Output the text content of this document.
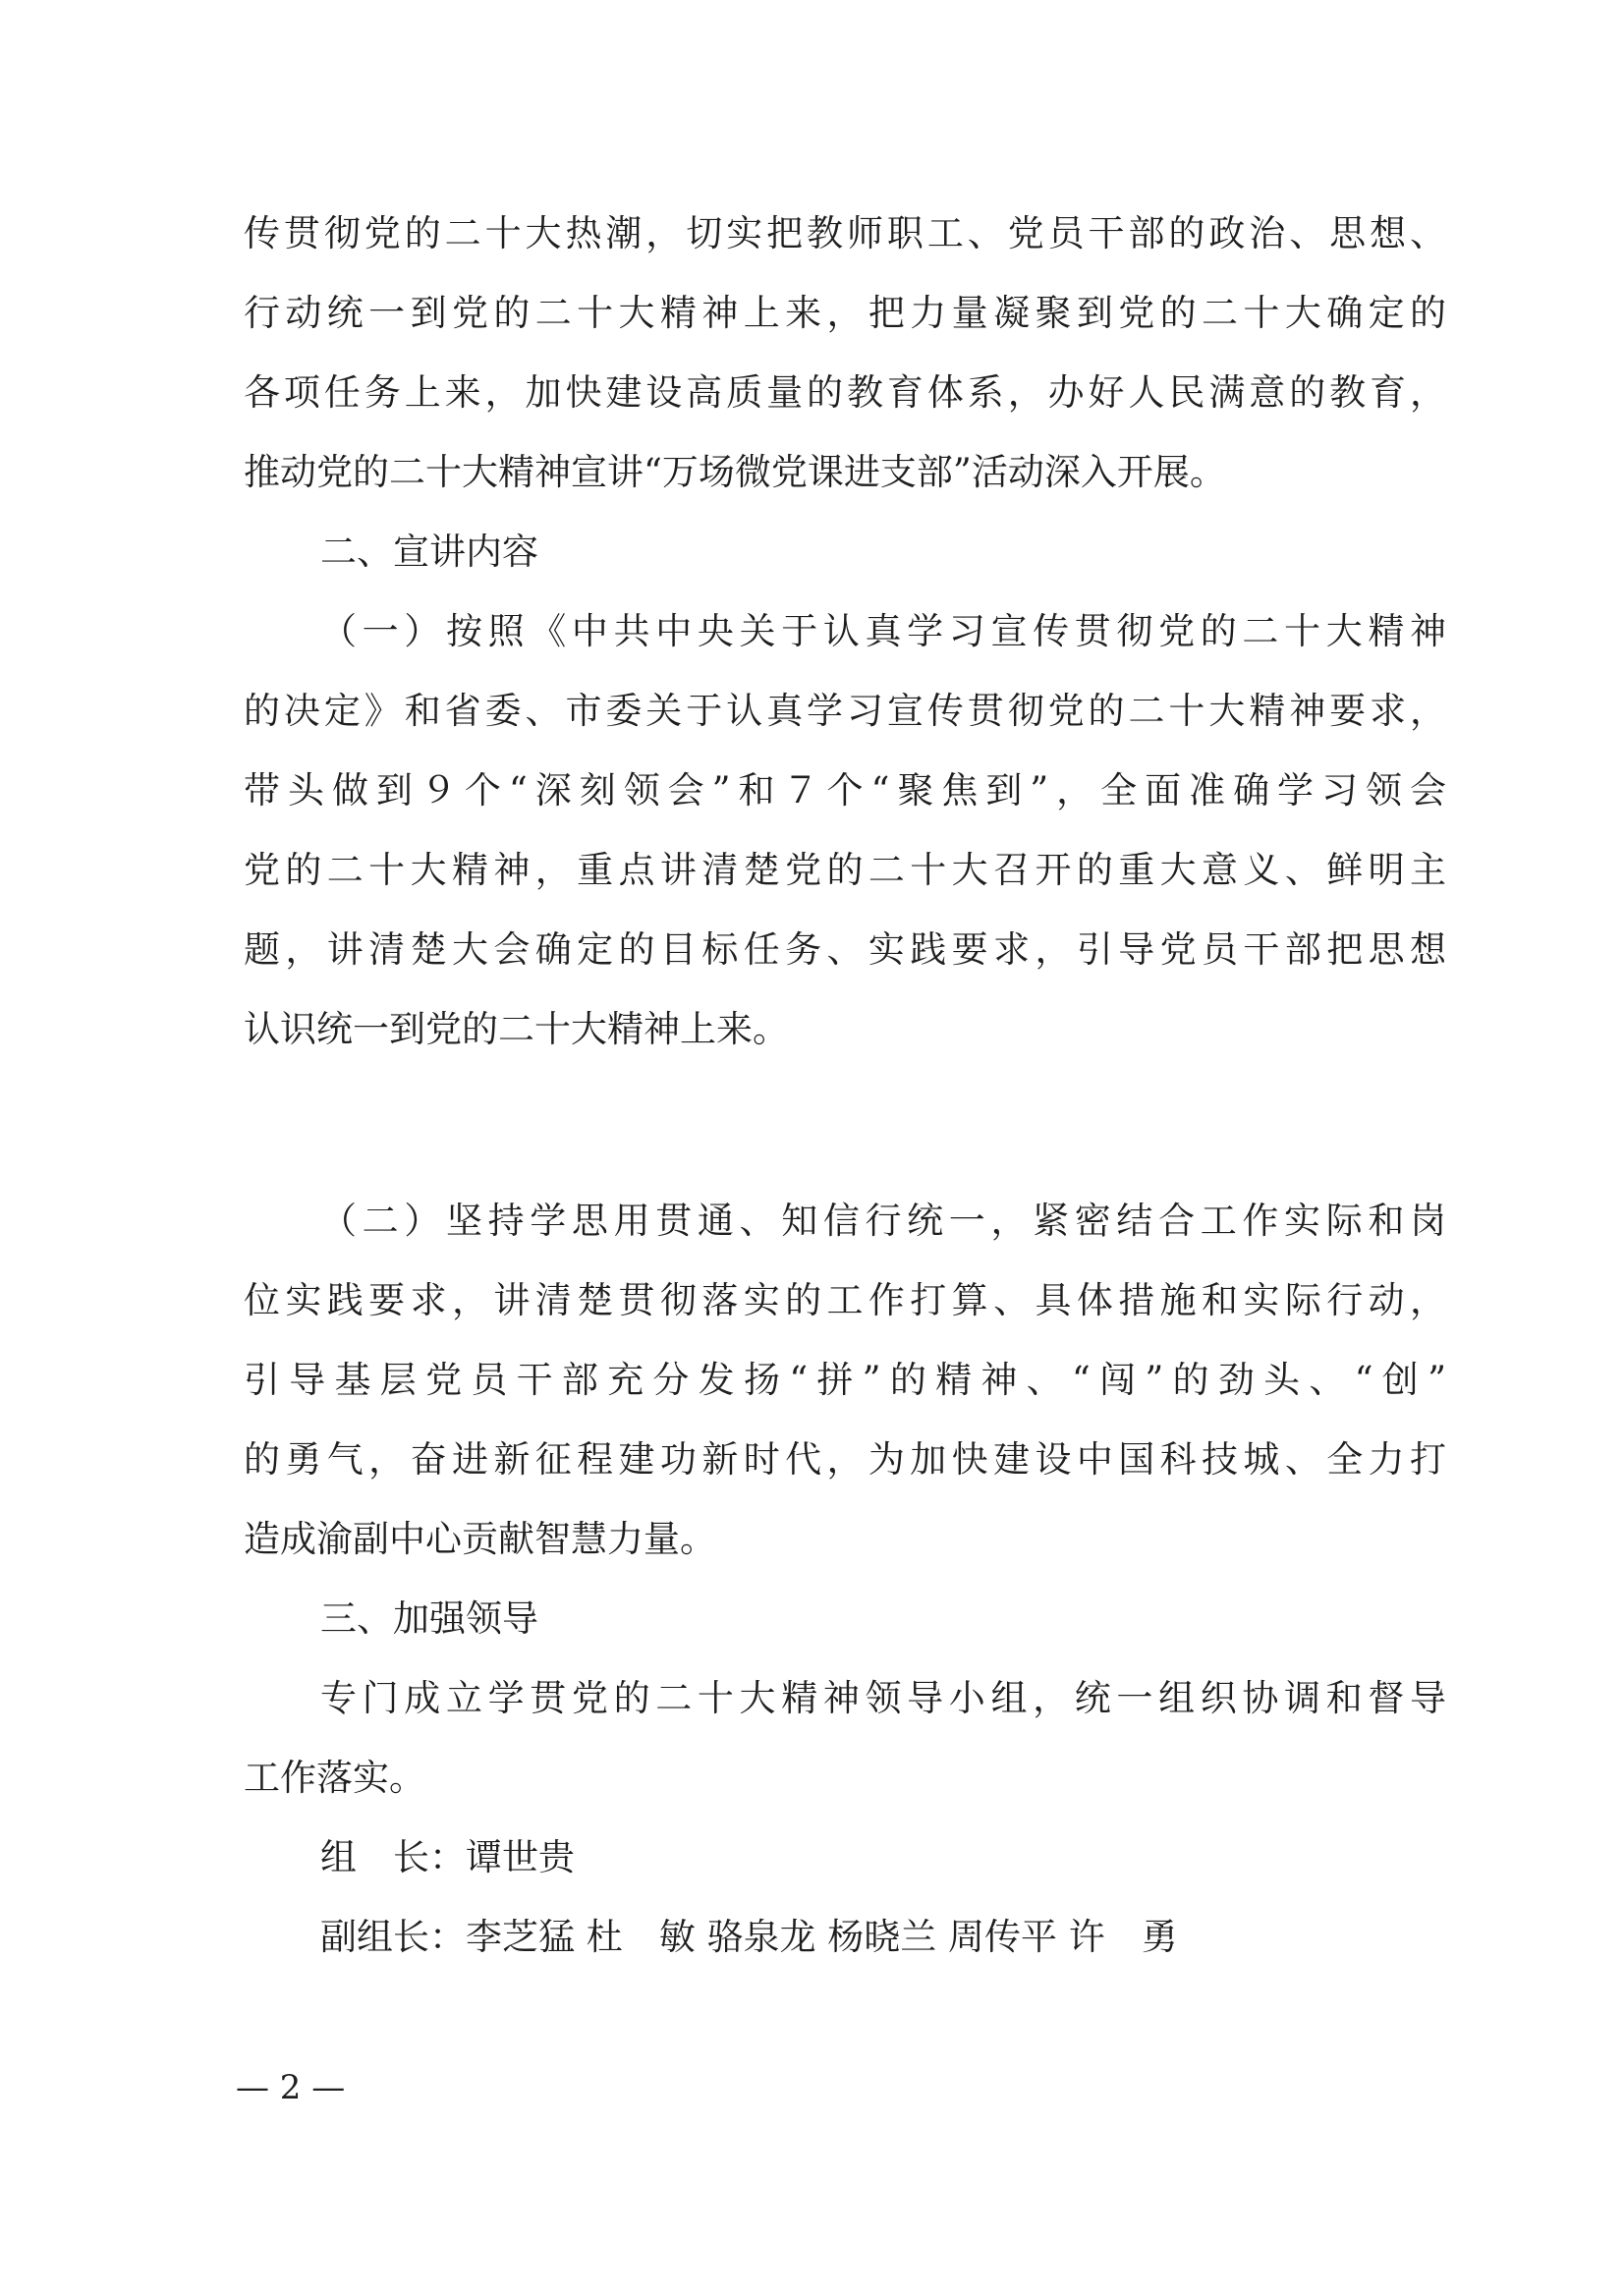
传贯彻党的二十大热潮，切实把教师职工、党员干部的政治、思想、
行动统一到党的二十大精神上来，把力量凝聚到党的二十大确定的
各项任务上来，加快建设高质量的教育体系，办好人民满意的教育，
推动党的二十大精神宣讲“万场微党课进支部”活动深入开展。
二、宣讲内容
（一）按照《中共中央关于认真学习宣传贯彻党的二十大精神
的决定》和省委、市委关于认真学习宣传贯彻党的二十大精神要求，
带头做到９个“深刻领会”和７个“聚焦到”，全面准确学习领会
党的二十大精神，重点讲清楚党的二十大召开的重大意义、鲜明主
题，讲清楚大会确定的目标任务、实践要求，引导党员干部把思想
认识统一到党的二十大精神上来。
（二）坚持学思用贯通、知信行统一，紧密结合工作实际和岗
位实践要求，讲清楚贯彻落实的工作打算、具体措施和实际行动，
引导基层党员干部充分发扬“拼”的精神、“闯”的劲头、“创”
的勇气，奋进新征程建功新时代，为加快建设中国科技城、全力打
造成渝副中心贡献智慧力量。
三、加强领导
专门成立学贯党的二十大精神领导小组，统一组织协调和督导
工作落实。
组　长：谭世贵
副组长：李芝猛 杜　敏 骆泉龙 杨晓兰 周传平 许　勇
— 2 —
